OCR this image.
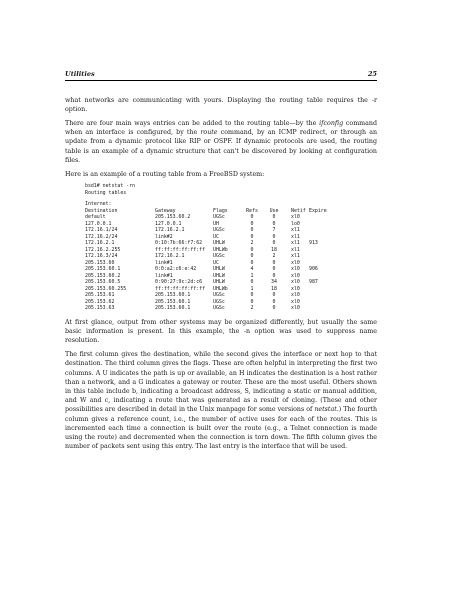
Utilities	25

what networks are communicating with yours. Displaying the routing table requires the -r option.

There are four main ways entries can be added to the routing table—by the ifconfig command when an interface is configured, by the route command, by an ICMP redirect, or through an update from a dynamic protocol like RIP or OSPF. If dynamic protocols are used, the routing table is an example of a dynamic structure that can't be discovered by looking at configuration files.

Here is an example of a routing table from a FreeBSD system:

bsd1# netstat -rn
Routing tables
Internet:
Destination	Gateway	Flags	Refs	Use	Netif	Expire
default	205.153.60.2	UGSc	0	0	xl0	
127.0.0.1	127.0.0.1	UH	0	0	lo0	
172.16.1/24	172.16.2.1	UGSc	0	7	xl1	
172.16.2/24	link#2	UC	0	0	xl1	
172.16.2.1	0:10:7b:66:f7:62	UHLW	2	0	xl1	913
172.16.2.255	ff:ff:ff:ff:ff:ff	UHLWb	0	18	xl1	
172.16.3/24	172.16.2.1	UGSc	0	2	xl1	
205.153.60	link#1	UC	0	0	xl0	
205.153.60.1	0:0:a2:c6:e:42	UHLW	4	0	xl0	906
205.153.60.2	link#1	UHLW	1	0	xl0	
205.153.60.5	0:90:27:9c:2d:c6	UHLW	0	34	xl0	987
205.153.60.255	ff:ff:ff:ff:ff:ff	UHLWb	1	18	xl0	
205.153.61	205.153.60.1	UGSc	0	0	xl0	
205.153.62	205.153.60.1	UGSc	0	0	xl0	
205.153.63	205.153.60.1	UGSc	2	0	xl0	

At first glance, output from other systems may be organized differently, but usually the same basic information is present. In this example, the -n option was used to suppress name resolution.

The first column gives the destination, while the second gives the interface or next hop to that destination. The third column gives the flags. These are often helpful in interpreting the first two columns. A U indicates the path is up or available, an H indicates the destination is a host rather than a network, and a G indicates a gateway or router. These are the most useful. Others shown in this table include b, indicating a broadcast address, S, indicating a static or manual addition, and W and c, indicating a route that was generated as a result of cloning. (These and other possibilities are described in detail in the Unix manpage for some versions of netstat.) The fourth column gives a reference count, i.e., the number of active uses for each of the routes. This is incremented each time a connection is built over the route (e.g., a Telnet connection is made using the route) and decremented when the connection is torn down. The fifth column gives the number of packets sent using this entry. The last entry is the interface that will be used.
